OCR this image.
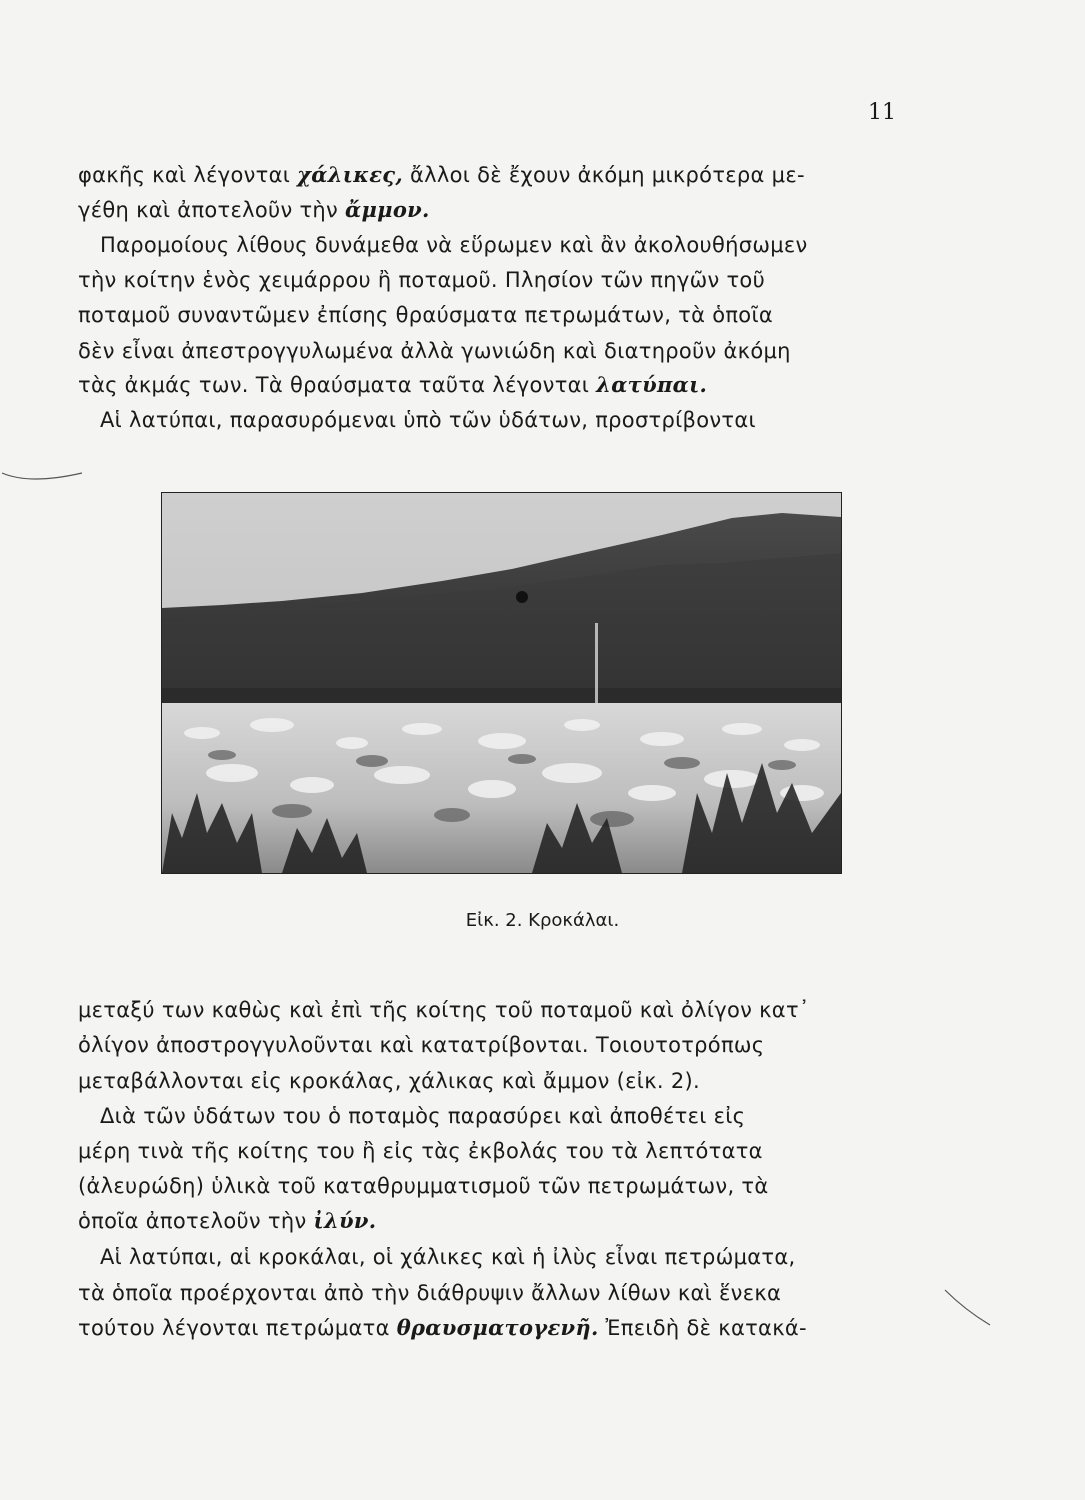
11
φακῆς καὶ λέγονται χάλικες, ἄλλοι δὲ ἔχουν ἀκόμη μικρότερα με-
γέθη καὶ ἀποτελοῦν τὴν ἄμμον.
Παρομοίους λίθους δυνάμεθα νὰ εὕρωμεν καὶ ἂν ἀκολουθήσωμεν
τὴν κοίτην ἑνὸς χειμάρρου ἢ ποταμοῦ. Πλησίον τῶν πηγῶν τοῦ
ποταμοῦ συναντῶμεν ἐπίσης θραύσματα πετρωμάτων, τὰ ὁποῖα
δὲν εἶναι ἀπεστρογγυλωμένα ἀλλὰ γωνιώδη καὶ διατηροῦν ἀκόμη
τὰς ἀκμάς των. Τὰ θραύσματα ταῦτα λέγονται λατύπαι.
Αἱ λατύπαι, παρασυρόμεναι ὑπὸ τῶν ὑδάτων, προστρίβονται
Εἰκ. 2. Κροκάλαι.
μεταξύ των καθὼς καὶ ἐπὶ τῆς κοίτης τοῦ ποταμοῦ καὶ ὀλίγον κατ᾽
ὀλίγον ἀποστρογγυλοῦνται καὶ κατατρίβονται. Τοιουτοτρόπως
μεταβάλλονται εἰς κροκάλας, χάλικας καὶ ἄμμον (εἰκ. 2).
Διὰ τῶν ὑδάτων του ὁ ποταμὸς παρασύρει καὶ ἀποθέτει εἰς
μέρη τινὰ τῆς κοίτης του ἢ εἰς τὰς ἐκβολάς του τὰ λεπτότατα
(ἀλευρώδη) ὑλικὰ τοῦ καταθρυμματισμοῦ τῶν πετρωμάτων, τὰ
ὁποῖα ἀποτελοῦν τὴν ἰλύν.
Αἱ λατύπαι, αἱ κροκάλαι, οἱ χάλικες καὶ ἡ ἰλὺς εἶναι πετρώματα,
τὰ ὁποῖα προέρχονται ἀπὸ τὴν διάθρυψιν ἄλλων λίθων καὶ ἕνεκα
τούτου λέγονται πετρώματα θραυσματογενῆ. Ἐπειδὴ δὲ κατακά-
